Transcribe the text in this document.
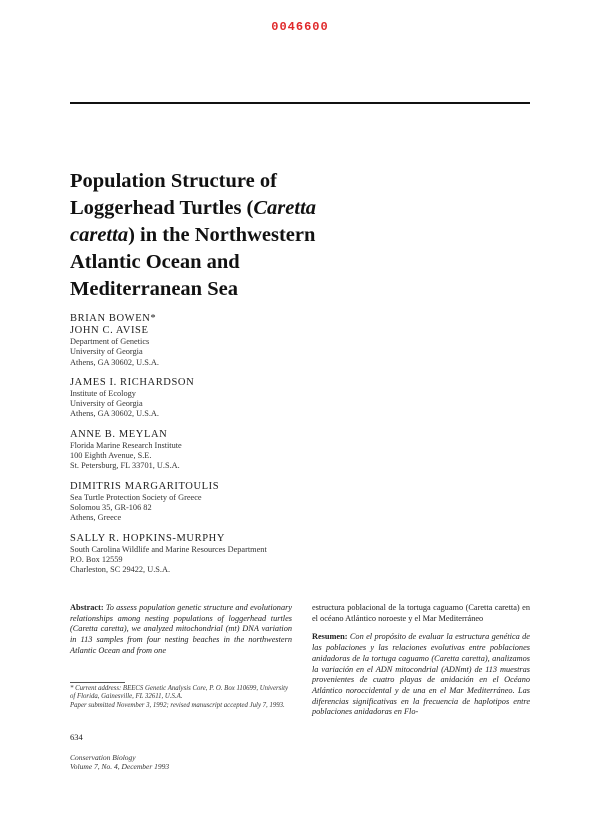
0046600
Population Structure of Loggerhead Turtles (Caretta caretta) in the Northwestern Atlantic Ocean and Mediterranean Sea
BRIAN BOWEN*
JOHN C. AVISE
Department of Genetics
University of Georgia
Athens, GA 30602, U.S.A.
JAMES I. RICHARDSON
Institute of Ecology
University of Georgia
Athens, GA 30602, U.S.A.
ANNE B. MEYLAN
Florida Marine Research Institute
100 Eighth Avenue, S.E.
St. Petersburg, FL 33701, U.S.A.
DIMITRIS MARGARITOULIS
Sea Turtle Protection Society of Greece
Solomou 35, GR-106 82
Athens, Greece
SALLY R. HOPKINS-MURPHY
South Carolina Wildlife and Marine Resources Department
P.O. Box 12559
Charleston, SC 29422, U.S.A.
Abstract: To assess population genetic structure and evolutionary relationships among nesting populations of loggerhead turtles (Caretta caretta), we analyzed mitochondrial (mt) DNA variation in 113 samples from four nesting beaches in the northwestern Atlantic Ocean and from one
* Current address: BEECS Genetic Analysis Core, P. O. Box 110699, University of Florida, Gainesville, FL 32611, U.S.A.
Paper submitted November 3, 1992; revised manuscript accepted July 7, 1993.
634
Conservation Biology
Volume 7, No. 4, December 1993

estructura poblacional de la tortuga caguamo (Caretta caretta) en el océano Atlántico noroeste y el Mar Mediterráneo

Resumen: Con el propósito de evaluar la estructura genética de las poblaciones y las relaciones evolutivas entre poblaciones anidadoras de la tortuga caguamo (Caretta caretta), analizamos la variación en el ADN mitocondrial (ADNmt) de 113 muestras provenientes de cuatro playas de anidación en el Océano Atlántico noroccidental y de una en el Mar Mediterráneo. Las diferencias significativas en la frecuencia de haplotipos entre poblaciones anidadoras en Flo-
